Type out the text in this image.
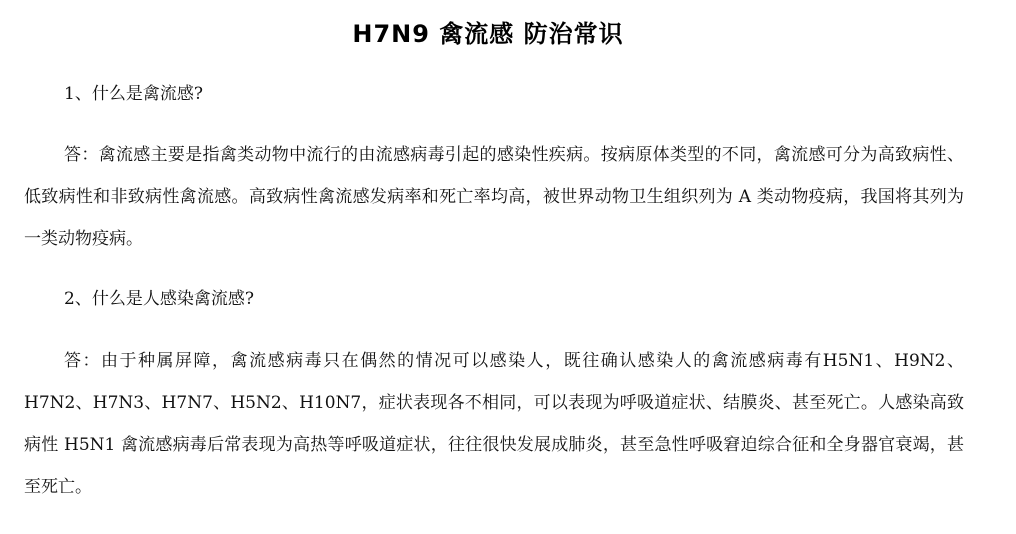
H7N9 禽流感 防治常识
1、什么是禽流感?

答：禽流感主要是指禽类动物中流行的由流感病毒引起的感染性疾病。按病原体类型的不同，禽流感可分为高致病性、低致病性和非致病性禽流感。高致病性禽流感发病率和死亡率均高，被世界动物卫生组织列为 A 类动物疫病，我国将其列为一类动物疫病。

2、什么是人感染禽流感?

答：由于种属屏障，禽流感病毒只在偶然的情况可以感染人，既往确认感染人的禽流感病毒有H5N1、H9N2、H7N2、H7N3、H7N7、H5N2、H10N7，症状表现各不相同，可以表现为呼吸道症状、结膜炎、甚至死亡。人感染高致病性 H5N1 禽流感病毒后常表现为高热等呼吸道症状，往往很快发展成肺炎，甚至急性呼吸窘迫综合征和全身器官衰竭，甚至死亡。
